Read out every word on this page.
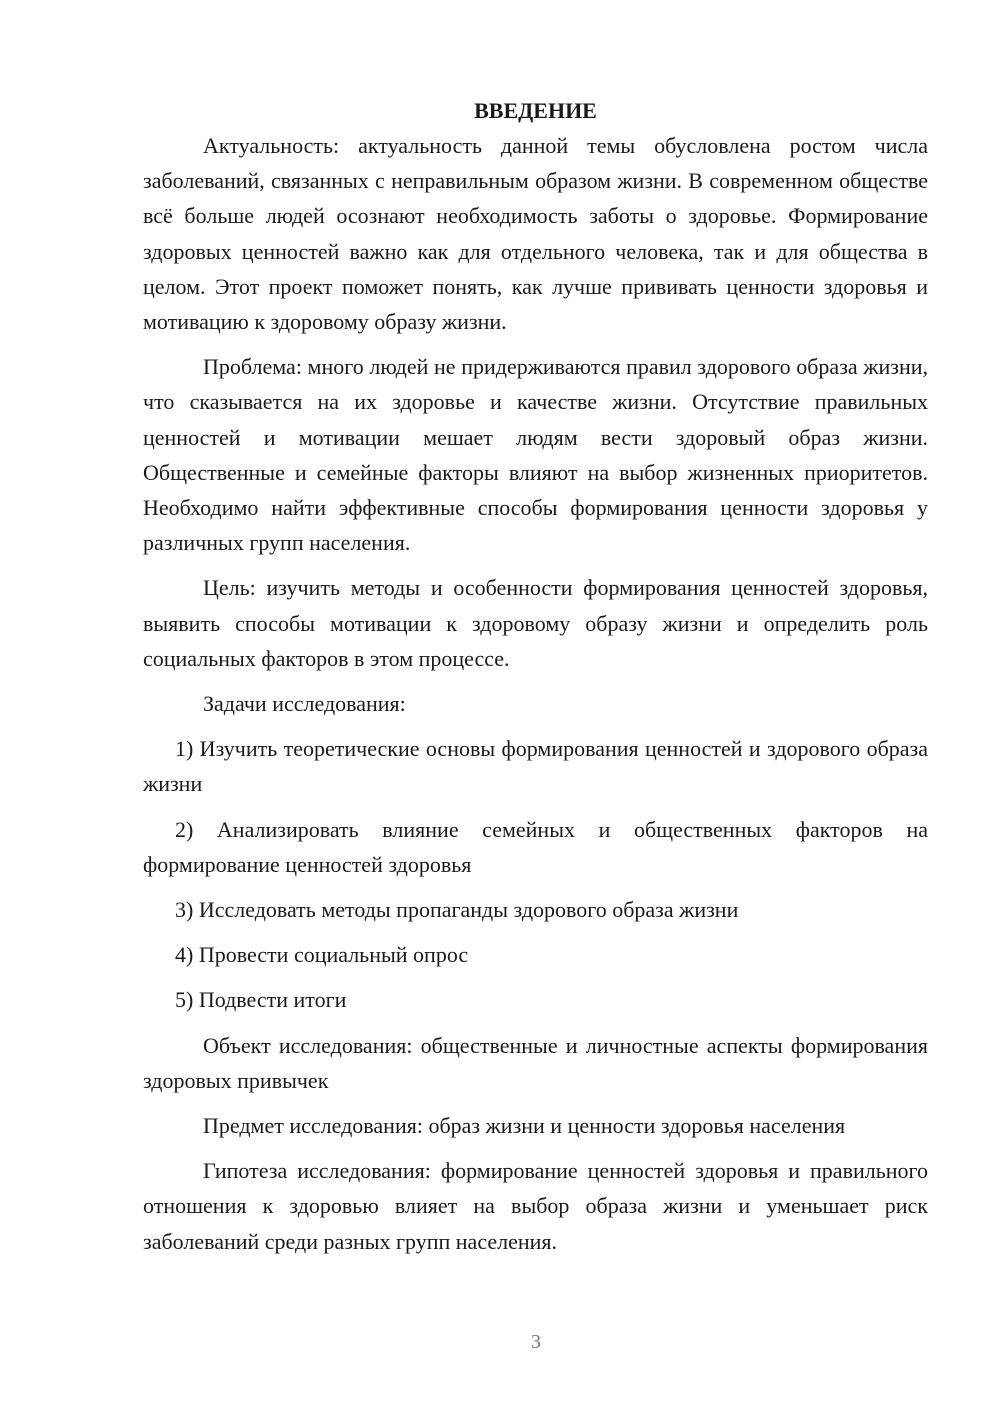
ВВЕДЕНИЕ

Актуальность: актуальность данной темы обусловлена ростом числа заболеваний, связанных с неправильным образом жизни. В современном обществе всё больше людей осознают необходимость заботы о здоровье. Формирование здоровых ценностей важно как для отдельного человека, так и для общества в целом. Этот проект поможет понять, как лучше прививать ценности здоровья и мотивацию к здоровому образу жизни.

Проблема: много людей не придерживаются правил здорового образа жизни, что сказывается на их здоровье и качестве жизни. Отсутствие правильных ценностей и мотивации мешает людям вести здоровый образ жизни. Общественные и семейные факторы влияют на выбор жизненных приоритетов. Необходимо найти эффективные способы формирования ценности здоровья у различных групп населения.

Цель: изучить методы и особенности формирования ценностей здоровья, выявить способы мотивации к здоровому образу жизни и определить роль социальных факторов в этом процессе.

Задачи исследования:

1) Изучить теоретические основы формирования ценностей и здорового образа жизни

2) Анализировать влияние семейных и общественных факторов на формирование ценностей здоровья

3) Исследовать методы пропаганды здорового образа жизни

4) Провести социальный опрос

5) Подвести итоги

Объект исследования: общественные и личностные аспекты формирования здоровых привычек

Предмет исследования: образ жизни и ценности здоровья населения

Гипотеза исследования: формирование ценностей здоровья и правильного отношения к здоровью влияет на выбор образа жизни и уменьшает риск заболеваний среди разных групп населения.

3
